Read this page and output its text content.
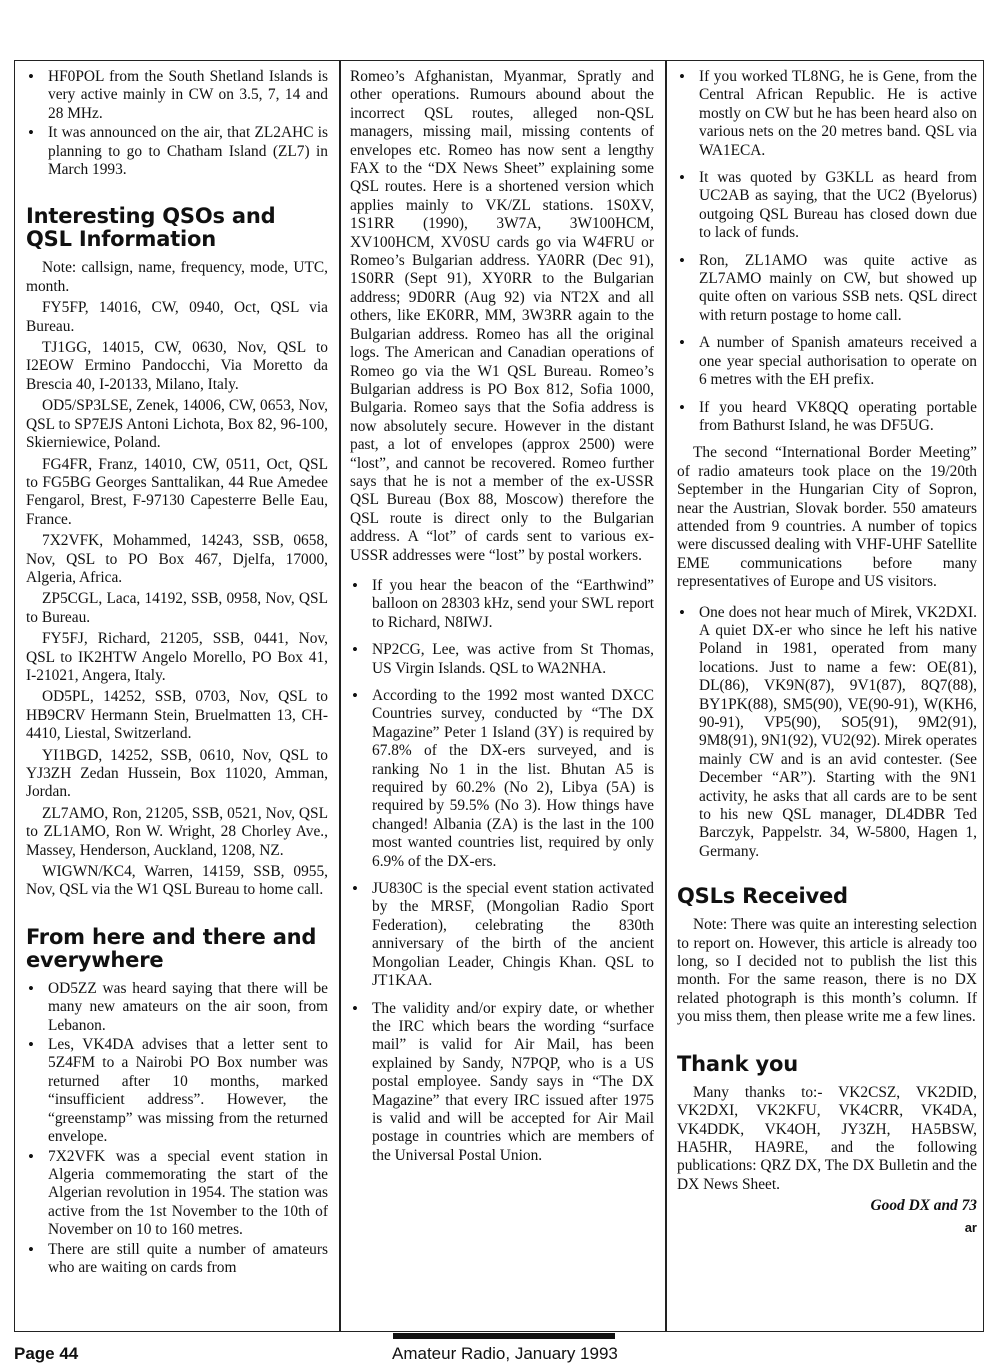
• HF0POL from the South Shetland Islands is very active mainly in CW on 3.5, 7, 14 and 28 MHz.
• It was announced on the air, that ZL2AHC is planning to go to Chatham Island (ZL7) in March 1993.
Interesting QSOs and QSL Information

Note: callsign, name, frequency, mode, UTC, month.

FY5FP, 14016, CW, 0940, Oct, QSL via Bureau.

TJ1GG, 14015, CW, 0630, Nov, QSL to I2EOW Ermino Pandocchi, Via Moretto da Brescia 40, I-20133, Milano, Italy.

OD5/SP3LSE, Zenek, 14006, CW, 0653, Nov, QSL to SP7EJS Antoni Lichota, Box 82, 96-100, Skierniewice, Poland.

FG4FR, Franz, 14010, CW, 0511, Oct, QSL to FG5BG Georges Santtalikan, 44 Rue Amedee Fengarol, Brest, F-97130 Capesterre Belle Eau, France.

7X2VFK, Mohammed, 14243, SSB, 0658, Nov, QSL to PO Box 467, Djelfa, 17000, Algeria, Africa.

ZP5CGL, Laca, 14192, SSB, 0958, Nov, QSL to Bureau.

FY5FJ, Richard, 21205, SSB, 0441, Nov, QSL to IK2HTW Angelo Morello, PO Box 41, I-21021, Angera, Italy.

OD5PL, 14252, SSB, 0703, Nov, QSL to HB9CRV Hermann Stein, Bruelmatten 13, CH-4410, Liestal, Switzerland.

YI1BGD, 14252, SSB, 0610, Nov, QSL to YJ3ZH Zedan Hussein, Box 11020, Amman, Jordan.

ZL7AMO, Ron, 21205, SSB, 0521, Nov, QSL to ZL1AMO, Ron W. Wright, 28 Chorley Ave., Massey, Henderson, Auckland, 1208, NZ.

WIGWN/KC4, Warren, 14159, SSB, 0955, Nov, QSL via the W1 QSL Bureau to home call.

From here and there and everywhere
• OD5ZZ was heard saying that there will be many new amateurs on the air soon, from Lebanon.
• Les, VK4DA advises that a letter sent to 5Z4FM to a Nairobi PO Box number was returned after 10 months, marked “insufficient address”. However, the “greenstamp” was missing from the returned envelope.
• 7X2VFK was a special event station in Algeria commemorating the start of the Algerian revolution in 1954. The station was active from the 1st November to the 10th of November on 10 to 160 metres.
• There are still quite a number of amateurs who are waiting on cards from

Romeo’s Afghanistan, Myanmar, Spratly and other operations. Rumours abound about the incorrect QSL routes, alleged non-QSL managers, missing mail, missing contents of envelopes etc. Romeo has now sent a lengthy FAX to the “DX News Sheet” explaining some QSL routes. Here is a shortened version which applies mainly to VK/ZL stations. 1S0XV, 1S1RR (1990), 3W7A, 3W100HCM, XV100HCM, XV0SU cards go via W4FRU or Romeo’s Bulgarian address. YA0RR (Dec 91), 1S0RR (Sept 91), XY0RR to the Bulgarian address; 9D0RR (Aug 92) via NT2X and all others, like EK0RR, MM, 3W3RR again to the Bulgarian address. Romeo has all the original logs. The American and Canadian operations of Romeo go via the W1 QSL Bureau. Romeo’s Bulgarian address is PO Box 812, Sofia 1000, Bulgaria. Romeo says that the Sofia address is now absolutely secure. However in the distant past, a lot of envelopes (approx 2500) were “lost”, and cannot be recovered. Romeo further says that he is not a member of the ex-USSR QSL Bureau (Box 88, Moscow) therefore the QSL route is direct only to the Bulgarian address. A “lot” of cards sent to various ex-USSR addresses were “lost” by postal workers.

• If you hear the beacon of the “Earthwind” balloon on 28303 kHz, send your SWL report to Richard, N8IWJ.
• NP2CG, Lee, was active from St Thomas, US Virgin Islands. QSL to WA2NHA.
• According to the 1992 most wanted DXCC Countries survey, conducted by “The DX Magazine” Peter 1 Island (3Y) is required by 67.8% of the DX-ers surveyed, and is ranking No 1 in the list. Bhutan A5 is required by 60.2% (No 2), Libya (5A) is required by 59.5% (No 3). How things have changed! Albania (ZA) is the last in the 100 most wanted countries list, required by only 6.9% of the DX-ers.
• JU830C is the special event station activated by the MRSF, (Mongolian Radio Sport Federation), celebrating the 830th anniversary of the birth of the ancient Mongolian Leader, Chingis Khan. QSL to JT1KAA.
• The validity and/or expiry date, or whether the IRC which bears the wording “surface mail” is valid for Air Mail, has been explained by Sandy, N7PQP, who is a US postal employee. Sandy says in “The DX Magazine” that every IRC issued after 1975 is valid and will be accepted for Air Mail postage in countries which are members of the Universal Postal Union.
• If you worked TL8NG, he is Gene, from the Central African Republic. He is active mostly on CW but he has been heard also on various nets on the 20 metres band. QSL via WA1ECA.
• It was quoted by G3KLL as heard from UC2AB as saying, that the UC2 (Byelorus) outgoing QSL Bureau has closed down due to lack of funds.
• Ron, ZL1AMO was quite active as ZL7AMO mainly on CW, but showed up quite often on various SSB nets. QSL direct with return postage to home call.
• A number of Spanish amateurs received a one year special authorisation to operate on 6 metres with the EH prefix.
• If you heard VK8QQ operating portable from Bathurst Island, he was DF5UG.

The second “International Border Meeting” of radio amateurs took place on the 19/20th September in the Hungarian City of Sopron, near the Austrian, Slovak border. 550 amateurs attended from 9 countries. A number of topics were discussed dealing with VHF-UHF Satellite EME communications before many representatives of Europe and US visitors.

• One does not hear much of Mirek, VK2DXI. A quiet DX-er who since he left his native Poland in 1981, operated from many locations. Just to name a few: OE(81), DL(86), VK9N(87), 9V1(87), 8Q7(88), BY1PK(88), SM5(90), VE(90-91), W(KH6, 90-91), VP5(90), SO5(91), 9M2(91), 9M8(91), 9N1(92), VU2(92). Mirek operates mainly CW and is an avid contester. (See December “AR”). Starting with the 9N1 activity, he asks that all cards are to be sent to his new QSL manager, DL4DBR Ted Barczyk, Pappelstr. 34, W-5800, Hagen 1, Germany.
QSLs Received

Note: There was quite an interesting selection to report on. However, this article is already too long, so I decided not to publish the list this month. For the same reason, there is no DX related photograph is this month’s column. If you miss them, then please write me a few lines.

Thank you

Many thanks to:- VK2CSZ, VK2DID, VK2DXI, VK2KFU, VK4CRR, VK4DA, VK4DDK, VK4OH, JY3ZH, HA5BSW, HA5HR, HA9RE, and the following publications: QRZ DX, The DX Bulletin and the DX News Sheet.

Good DX and 73

ar

Page 44	Amateur Radio, January 1993
